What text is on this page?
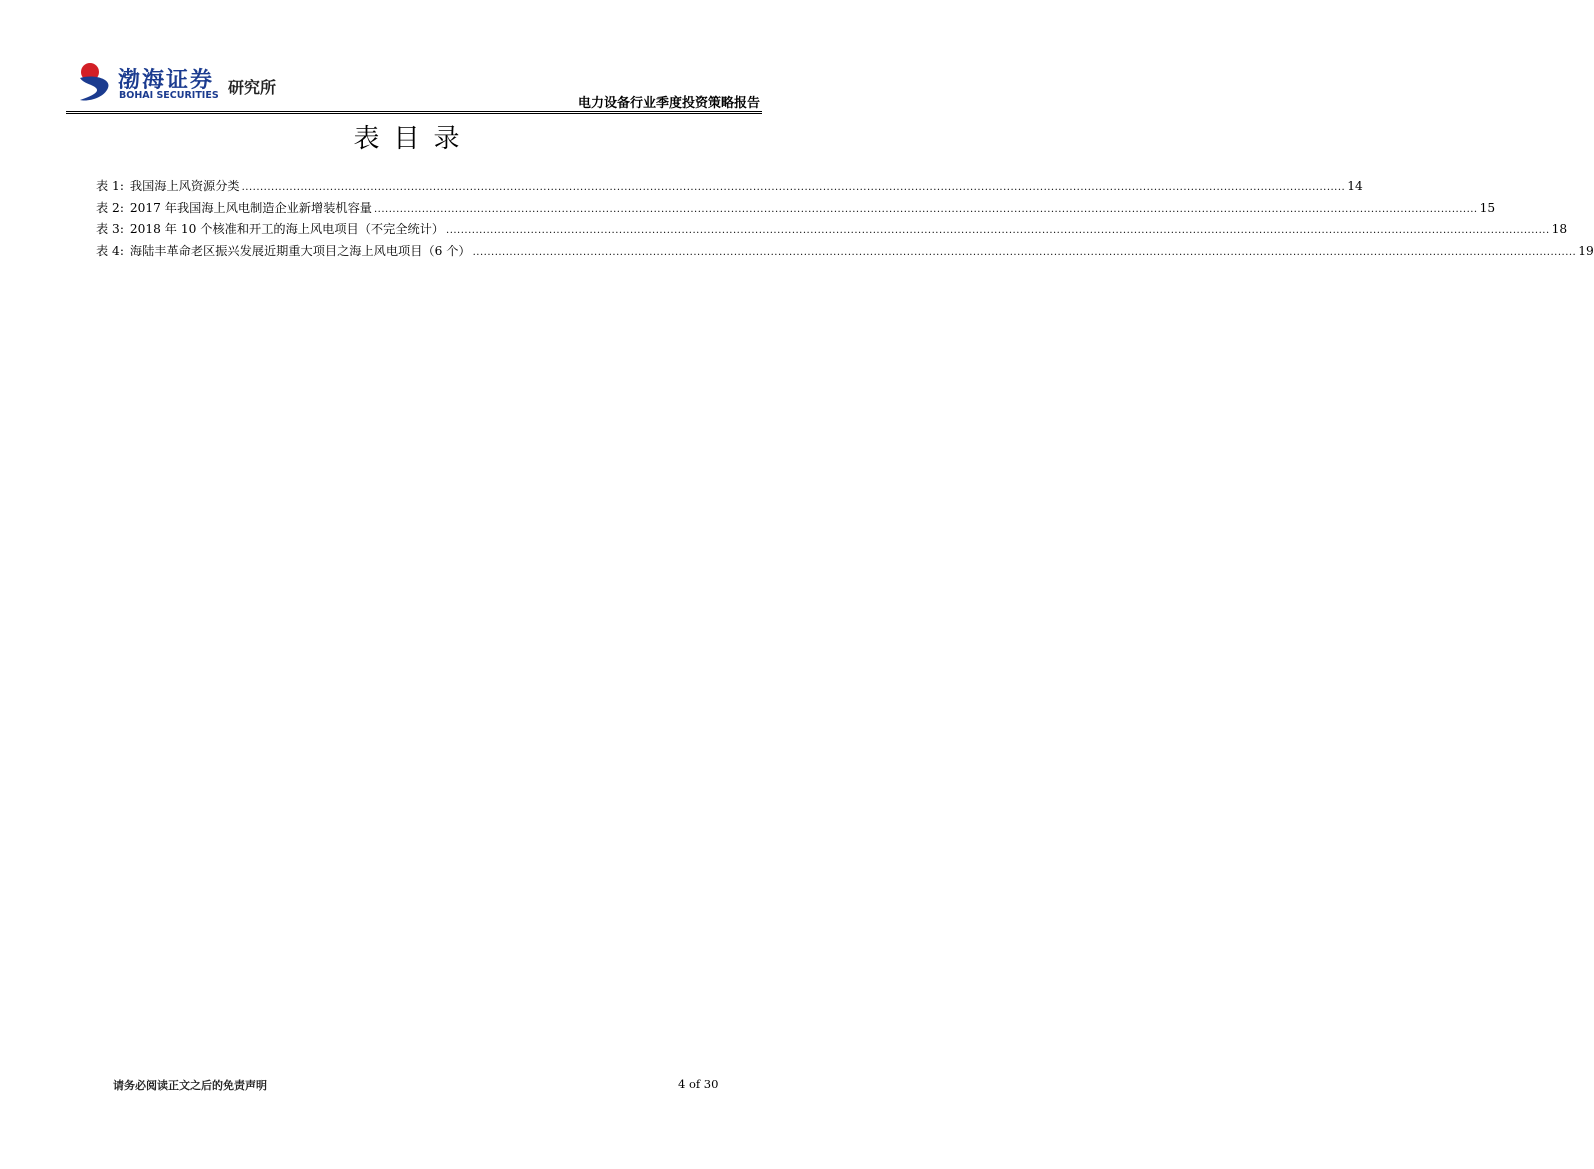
渤海证券
BOHAI SECURITIES 研究所
电力设备行业季度投资策略报告
表目录
表 1: 我国海上风资源分类 ............................................................................................................................................................................................................................................................................................................ 14
表 2: 2017 年我国海上风电制造企业新增装机容量 ............................................................................................................................................................................................................................................................................................................ 15
表 3: 2018 年 10 个核准和开工的海上风电项目（不完全统计） ............................................................................................................................................................................................................................................................................................................ 18
表 4: 海陆丰革命老区振兴发展近期重大项目之海上风电项目（6 个） ............................................................................................................................................................................................................................................................................................................ 19
请务必阅读正文之后的免责声明	4 of 30
